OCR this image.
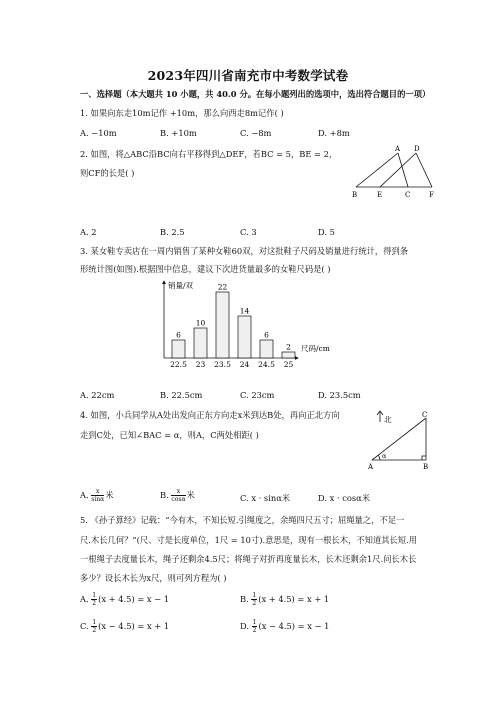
2023年四川省南充市中考数学试卷
一、选择题（本大题共 10 小题，共 40.0 分。在每小题列出的选项中，选出符合题目的一项）
1. 如果向东走10m记作 +10m，那么向西走8m记作( )
A. −10m	B. +10m	C. −8m	D. +8m
2. 如图，将△ABC沿BC向右平移得到△DEF，若BC = 5，BE = 2，
则CF的长是( )
A D
B	E	C	F
A. 2	B. 2.5	C. 3	D. 5
3. 某女鞋专卖店在一周内销售了某种女鞋60双，对这批鞋子尺码及销量进行统计，得到条
形统计图(如图).根据图中信息，建议下次进货量最多的女鞋尺码是( )
销量/双
尺码/cm
6
22.5
10
23
22
23.5
14
24
6
24.5
2
25
A. 22cm	B. 22.5cm	C. 23cm	D. 23.5cm
4. 如图，小兵同学从A处出发向正东方向走x米到达B处，再向正北方向
走到C处，已知∠BAC = α，则A，C两处相距( )
北	C
A	B
α
A. $\frac{x}{\sin\alpha}$ 米	B. $\frac{x}{\cos\alpha}$ 米	C. x · sinα米	D. x · cosα米
5. 《孙子算经》记载：“今有木，不知长短.引绳度之，余绳四尺五寸；屈绳量之，不足一
尺.木长几何？”(尺、寸是长度单位，1尺 = 10寸).意思是，现有一根长木，不知道其长短.用
一根绳子去度量长木，绳子还剩余4.5尺；将绳子对折再度量长木，长木还剩余1尺.问长木长
多少？设长木长为x尺，则可列方程为( )
A. $\frac{1}{2} (x + 4.5) = x - 1$	B. $\frac{1}{2} (x + 4.5) = x + 1$
C. $\frac{1}{2} (x - 4.5) = x + 1$	D. $\frac{1}{2} (x - 4.5) = x - 1$
